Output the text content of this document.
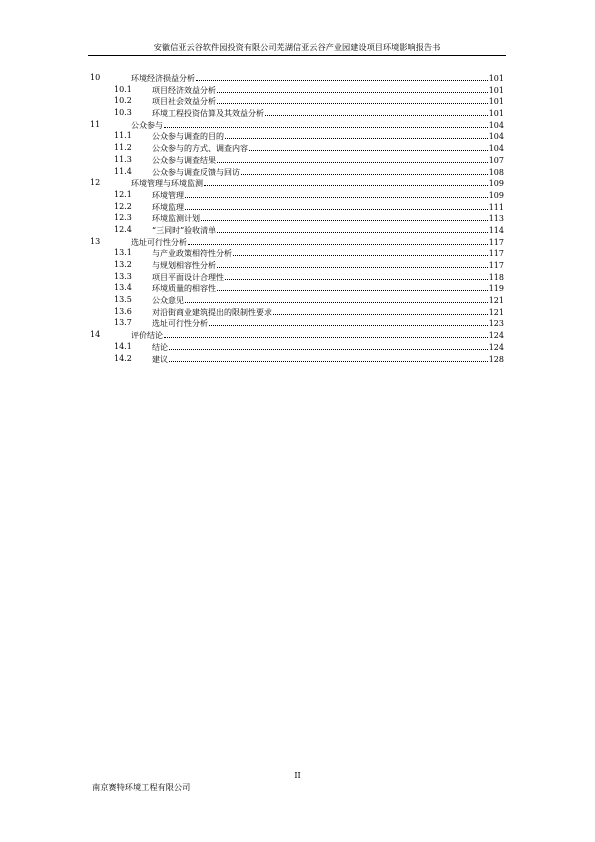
安徽信亚云谷软件园投资有限公司芜湖信亚云谷产业园建设项目环境影响报告书
10	环境经济损益分析	101
10.1	项目经济效益分析	101
10.2	项目社会效益分析	101
10.3	环境工程投资估算及其效益分析	101
11	公众参与	104
11.1	公众参与调查的目的	104
11.2	公众参与的方式、调查内容	104
11.3	公众参与调查结果	107
11.4	公众参与调查反馈与回访	108
12	环境管理与环境监测	109
12.1	环境管理	109
12.2	环境监理	111
12.3	环境监测计划	113
12.4	“三同时”验收清单	114
13	选址可行性分析	117
13.1	与产业政策相符性分析	117
13.2	与规划相容性分析	117
13.3	项目平面设计合理性	118
13.4	环境质量的相容性	119
13.5	公众意见	121
13.6	对沿街商业建筑提出的限制性要求	121
13.7	选址可行性分析	123
14	评价结论	124
14.1	结论	124
14.2	建议	128
II
南京赛特环境工程有限公司
